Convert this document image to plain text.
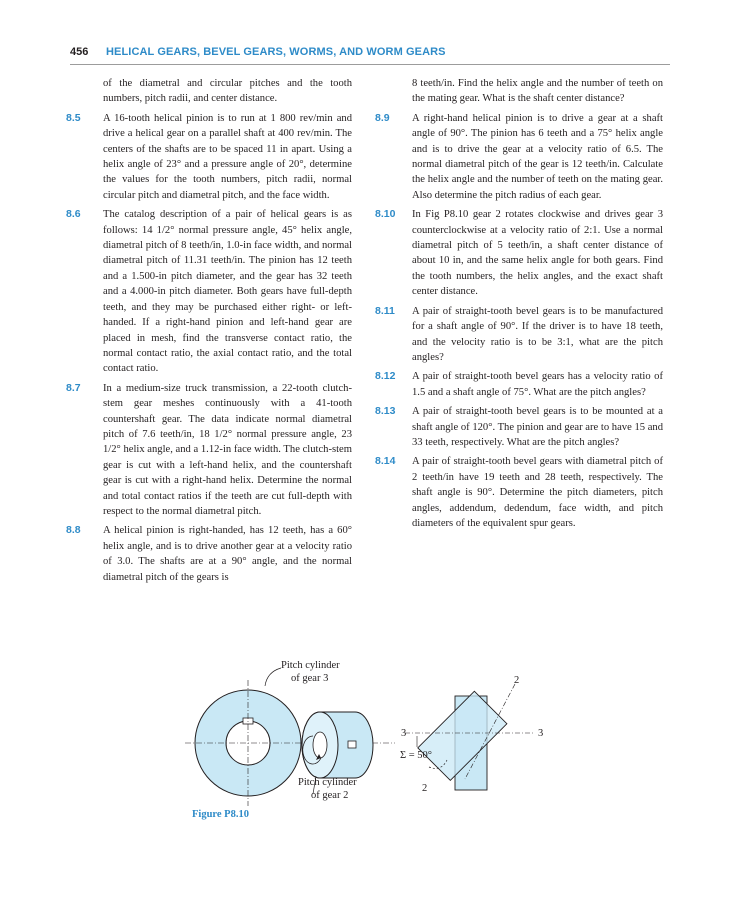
456 HELICAL GEARS, BEVEL GEARS, WORMS, AND WORM GEARS
of the diametral and circular pitches and the tooth numbers, pitch radii, and center distance.
8.5 A 16-tooth helical pinion is to run at 1 800 rev/min and drive a helical gear on a parallel shaft at 400 rev/min. The centers of the shafts are to be spaced 11 in apart. Using a helix angle of 23° and a pressure angle of 20°, determine the values for the tooth numbers, pitch radii, normal circular pitch and diametral pitch, and the face width.
8.6 The catalog description of a pair of helical gears is as follows: 14 1/2° normal pressure angle, 45° helix angle, diametral pitch of 8 teeth/in, 1.0-in face width, and normal diametral pitch of 11.31 teeth/in. The pinion has 12 teeth and a 1.500-in pitch diameter, and the gear has 32 teeth and a 4.000-in pitch diameter. Both gears have full-depth teeth, and they may be purchased either right- or left-handed. If a right-hand pinion and left-hand gear are placed in mesh, find the transverse contact ratio, the normal contact ratio, the axial contact ratio, and the total contact ratio.
8.7 In a medium-size truck transmission, a 22-tooth clutch-stem gear meshes continuously with a 41-tooth countershaft gear. The data indicate normal diametral pitch of 7.6 teeth/in, 18 1/2° normal pressure angle, 23 1/2° helix angle, and a 1.12-in face width. The clutch-stem gear is cut with a left-hand helix, and the countershaft gear is cut with a right-hand helix. Determine the normal and total contact ratios if the teeth are cut full-depth with respect to the normal diametral pitch.
8.8 A helical pinion is right-handed, has 12 teeth, has a 60° helix angle, and is to drive another gear at a velocity ratio of 3.0. The shafts are at a 90° angle, and the normal diametral pitch of the gears is
8 teeth/in. Find the helix angle and the number of teeth on the mating gear. What is the shaft center distance?
8.9 A right-hand helical pinion is to drive a gear at a shaft angle of 90°. The pinion has 6 teeth and a 75° helix angle and is to drive the gear at a velocity ratio of 6.5. The normal diametral pitch of the gear is 12 teeth/in. Calculate the helix angle and the number of teeth on the mating gear. Also determine the pitch radius of each gear.
8.10 In Fig P8.10 gear 2 rotates clockwise and drives gear 3 counterclockwise at a velocity ratio of 2:1. Use a normal diametral pitch of 5 teeth/in, a shaft center distance of about 10 in, and the same helix angle for both gears. Find the tooth numbers, the helix angles, and the exact shaft center distance.
8.11 A pair of straight-tooth bevel gears is to be manufactured for a shaft angle of 90°. If the driver is to have 18 teeth, and the velocity ratio is to be 3:1, what are the pitch angles?
8.12 A pair of straight-tooth bevel gears has a velocity ratio of 1.5 and a shaft angle of 75°. What are the pitch angles?
8.13 A pair of straight-tooth bevel gears is to be mounted at a shaft angle of 120°. The pinion and gear are to have 15 and 33 teeth, respectively. What are the pitch angles?
8.14 A pair of straight-tooth bevel gears with diametral pitch of 2 teeth/in have 19 teeth and 28 teeth, respectively. The shaft angle is 90°. Determine the pitch diameters, pitch angles, addendum, dedendum, face width, and pitch diameters of the equivalent spur gears.
Pitch cylinder
of gear 3
Pitch cylinder
of gear 2
2
3
3
Σ = 50°
2
Figure P8.10
